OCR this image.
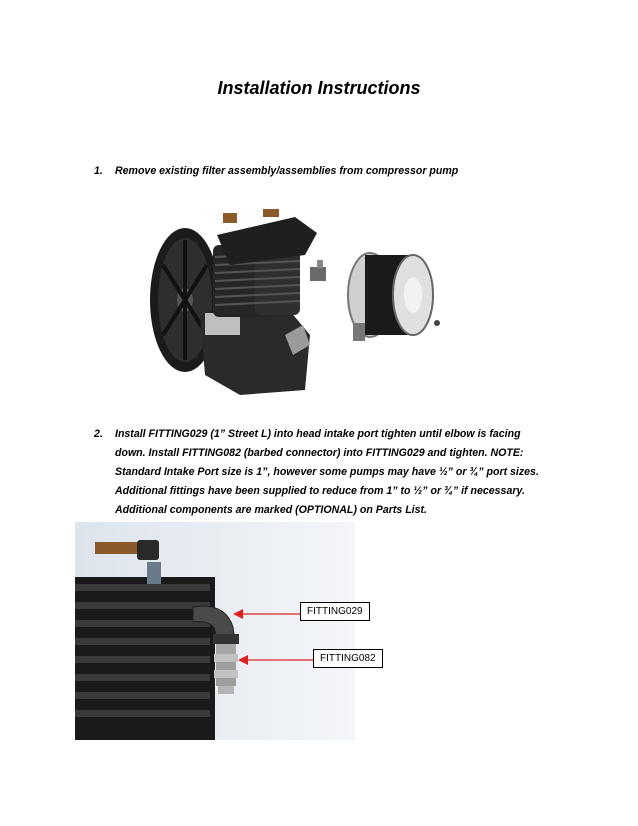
Installation Instructions
1. Remove existing filter assembly/assemblies from compressor pump
2. Install FITTING029 (1” Street L) into head intake port tighten until elbow is facing
down. Install FITTING082 (barbed connector) into FITTING029 and tighten. NOTE:
Standard Intake Port size is 1”, however some pumps may have ½” or ¾” port sizes.
Additional fittings have been supplied to reduce from 1” to ½” or ¾” if necessary.
Additional components are marked (OPTIONAL) on Parts List.
FITTING029
FITTING082
